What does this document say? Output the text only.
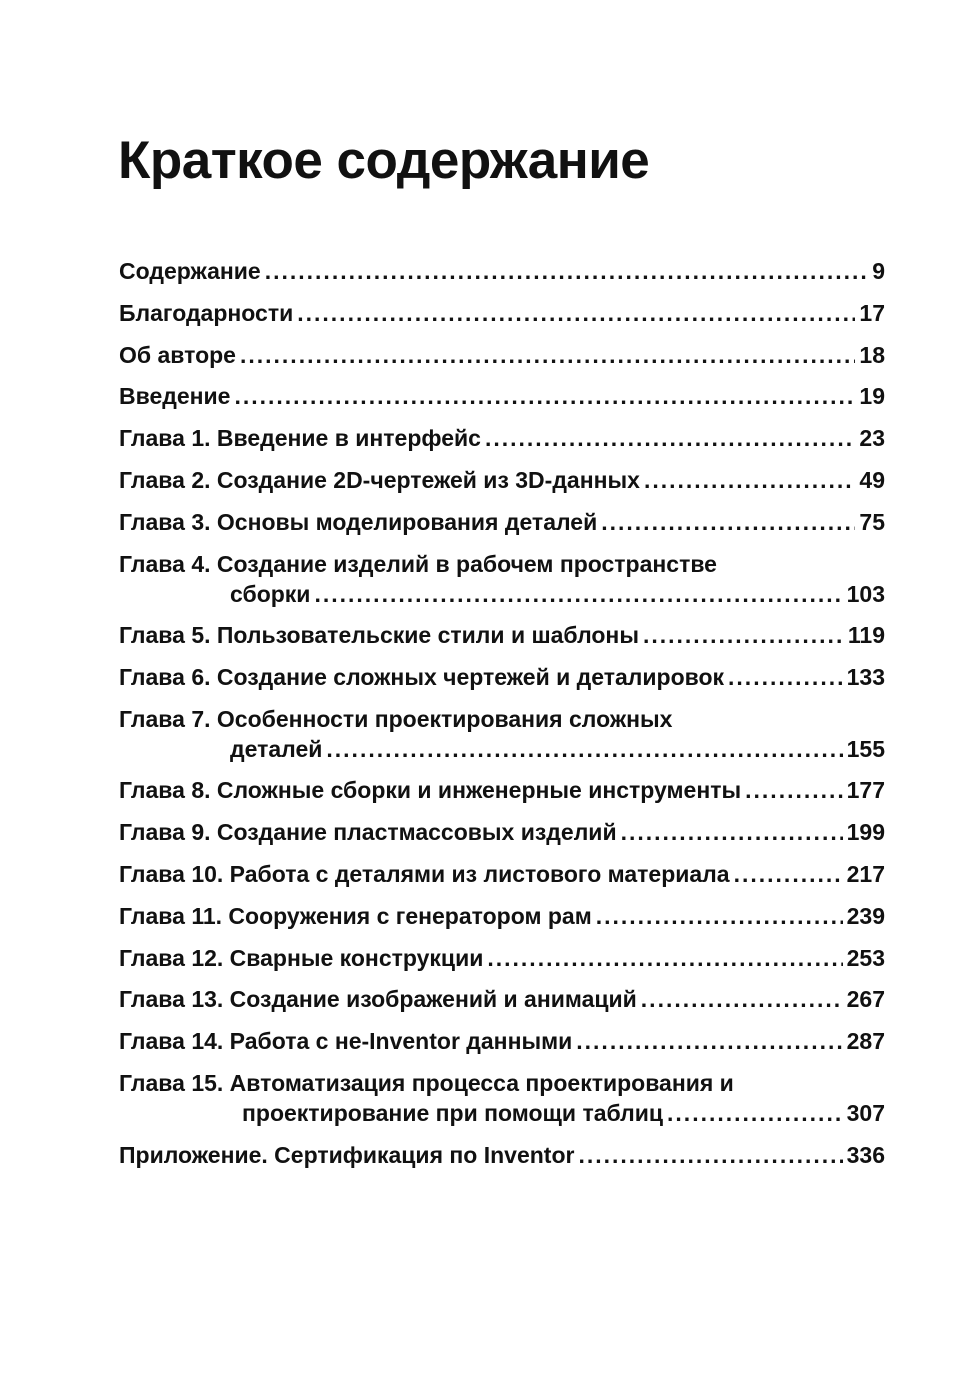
Краткое содержание
Содержание .....	9
Благодарности .....	17
Об авторе .....	18
Введение .....	19
Глава 1. Введение в интерфейс .....	23
Глава 2. Создание 2D-чертежей из 3D-данных .....	49
Глава 3. Основы моделирования деталей .....	75
Глава 4. Создание изделий в рабочем пространстве
сборки .....	103
Глава 5. Пользовательские стили и шаблоны .....	119
Глава 6. Создание сложных чертежей и деталировок .....	133
Глава 7. Особенности проектирования сложных
деталей .....	155
Глава 8. Сложные сборки и инженерные инструменты .....	177
Глава 9. Создание пластмассовых изделий .....	199
Глава 10. Работа с деталями из листового материала .....	217
Глава 11. Сооружения с генератором рам .....	239
Глава 12. Сварные конструкции .....	253
Глава 13. Создание изображений и анимаций .....	267
Глава 14. Работа с не-Inventor данными .....	287
Глава 15. Автоматизация процесса проектирования и
проектирование при помощи таблиц .....	307
Приложение. Сертификация по Inventor .....	336
